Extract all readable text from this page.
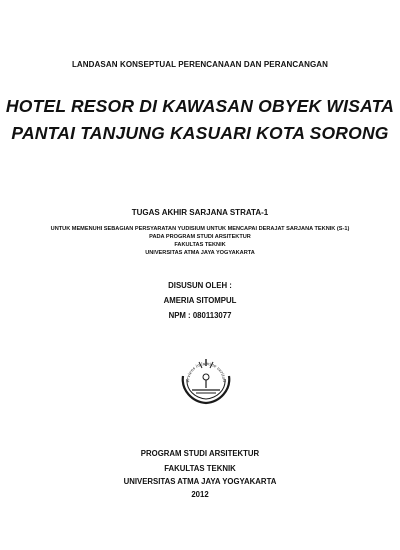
LANDASAN KONSEPTUAL PERENCANAAN DAN PERANCANGAN
HOTEL RESOR DI KAWASAN OBYEK WISATA
PANTAI TANJUNG KASUARI KOTA SORONG
TUGAS AKHIR SARJANA STRATA-1
UNTUK MEMENUHI SEBAGIAN PERSYARATAN YUDISIUM UNTUK MENCAPAI DERAJAT SARJANA TEKNIK (S-1)
PADA PROGRAM STUDI ARSITEKTUR
FAKULTAS TEKNIK
UNIVERSITAS ATMA JAYA YOGYAKARTA
DISUSUN OLEH :
AMERIA SITOMPUL
NPM : 080113077
erviens in lumine veritati
PROGRAM STUDI ARSITEKTUR
FAKULTAS TEKNIK
UNIVERSITAS ATMA JAYA YOGYAKARTA
2012
